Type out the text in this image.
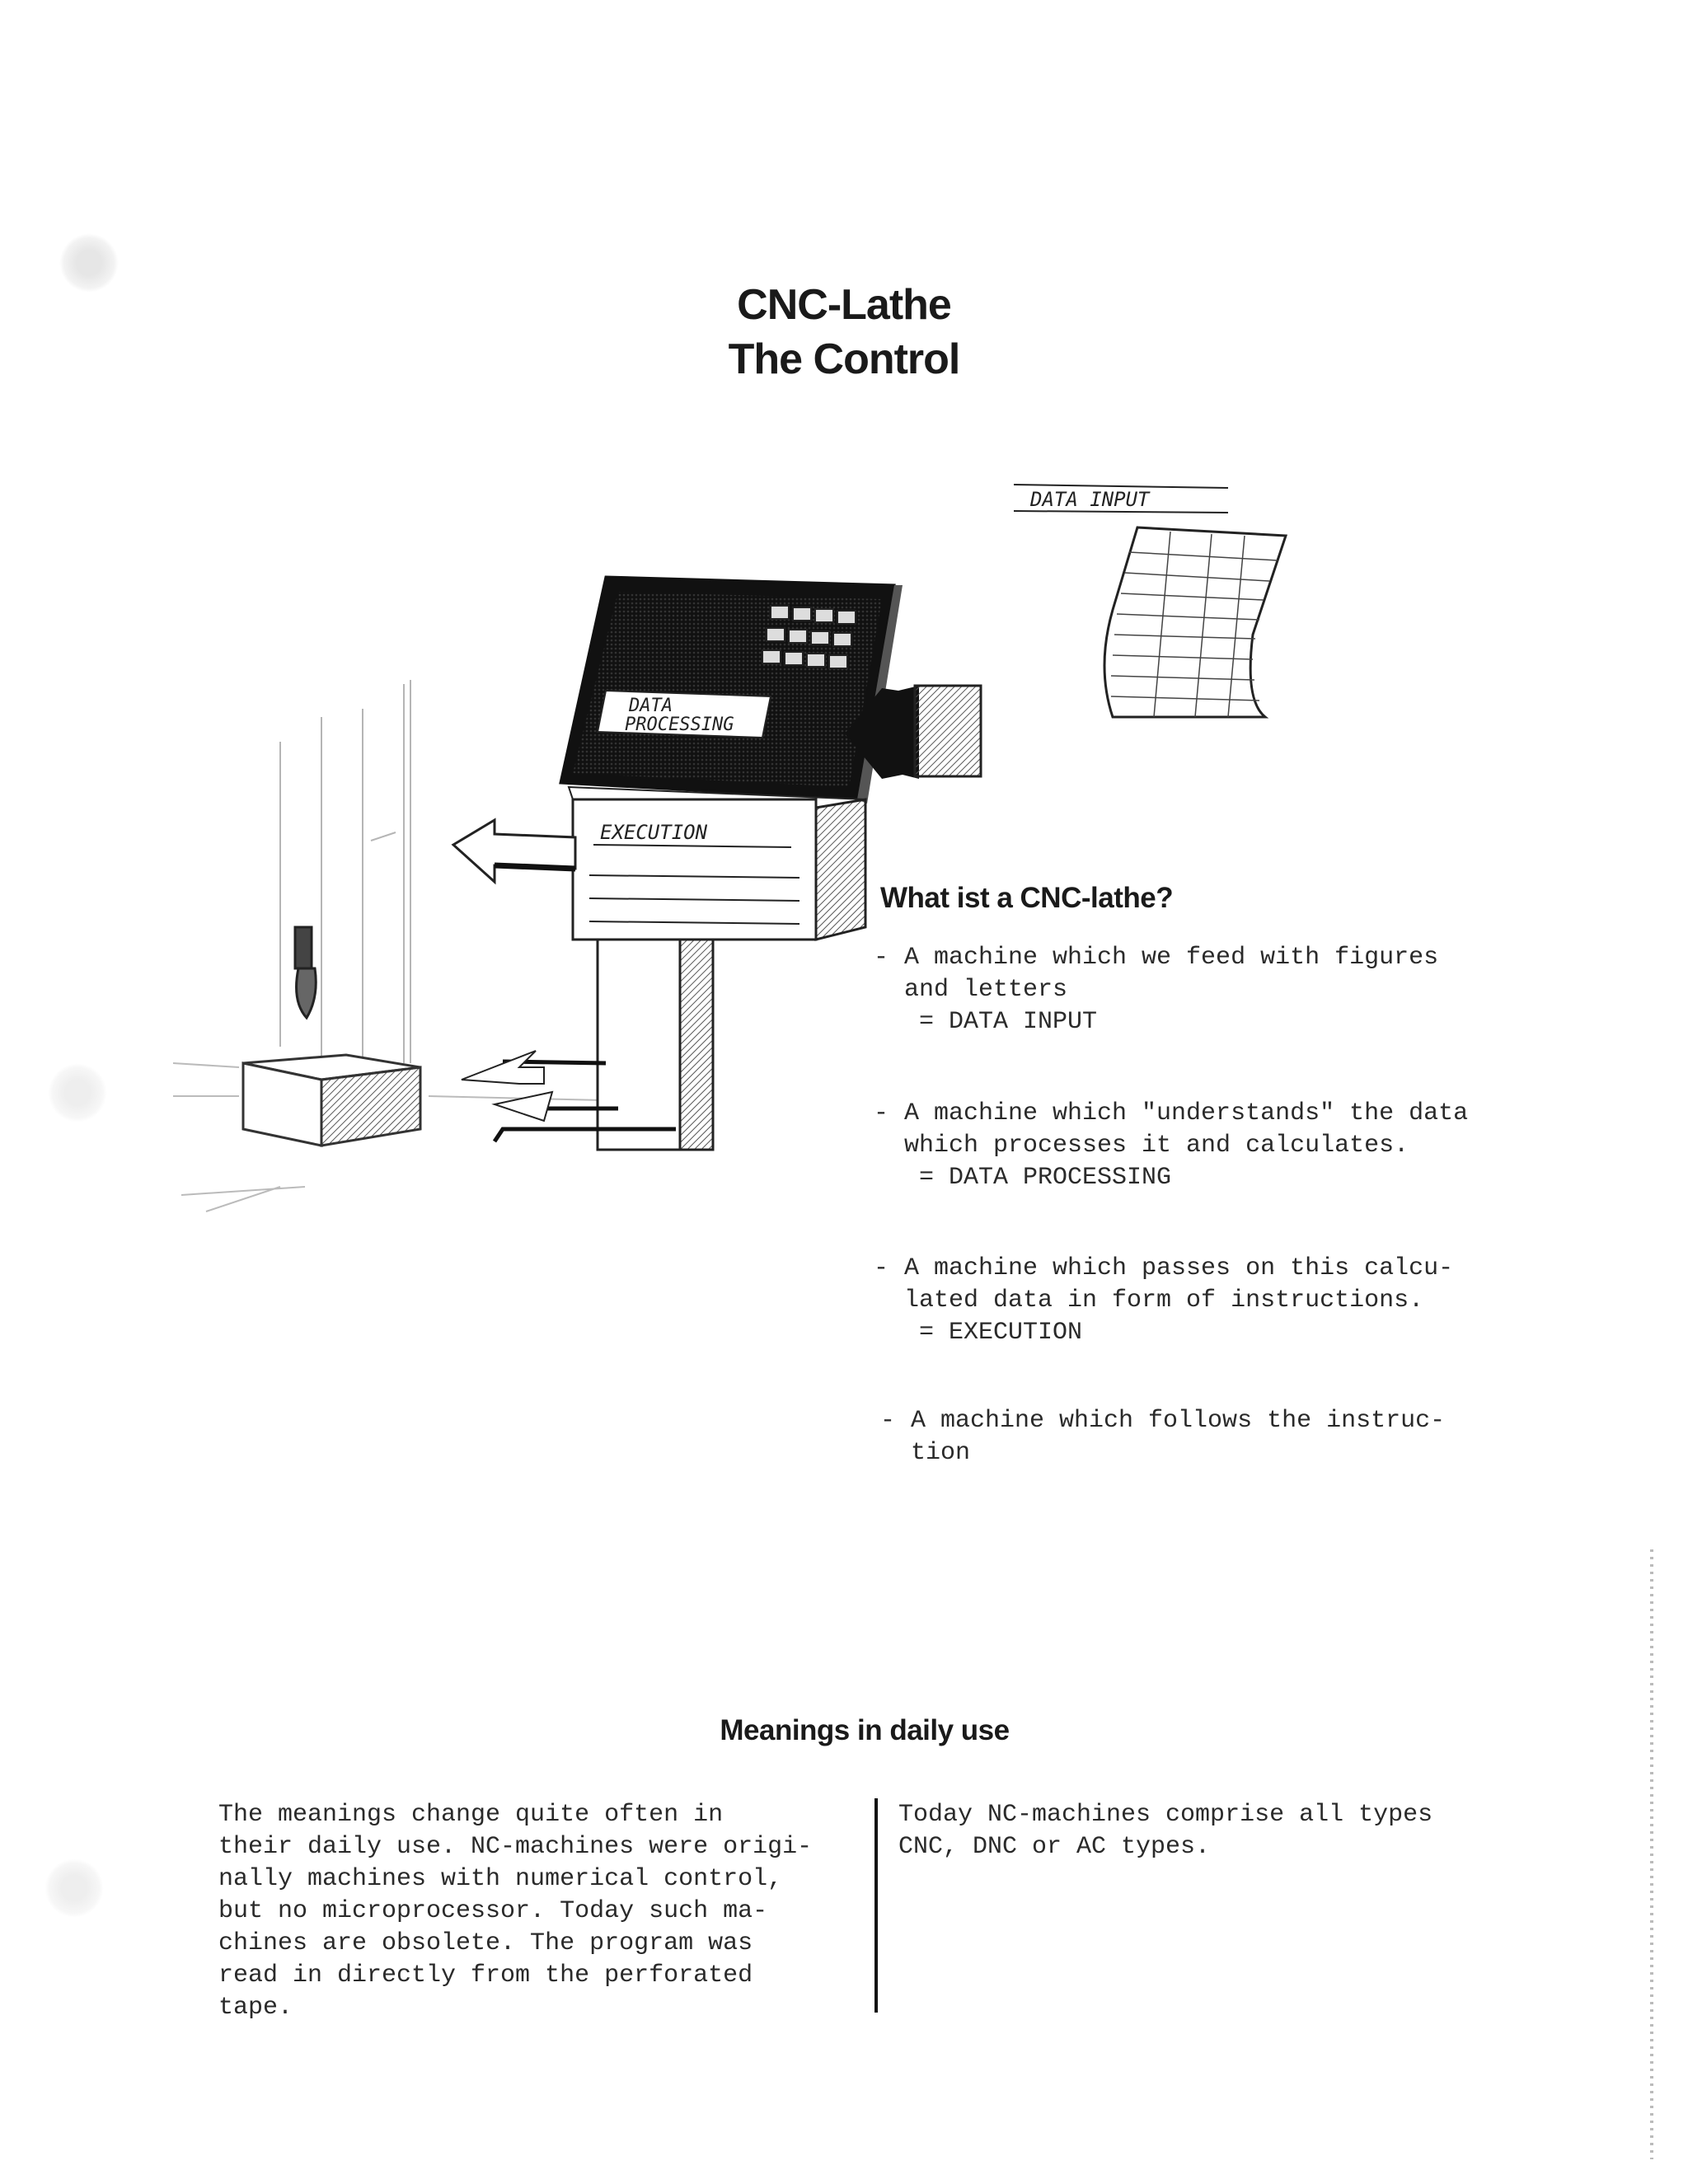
CNC-Lathe
The Control
DATA
PROCESSING
EXECUTION
DATA INPUT
What ist a CNC-lathe?
- A machine which we feed with figures
and letters
= DATA INPUT
- A machine which "understands" the data
which processes it and calculates.
= DATA PROCESSING
- A machine which passes on this calcu-
lated data in form of instructions.
= EXECUTION
- A machine which follows the instruc-
tion
Meanings in daily use
The meanings change quite often in
their daily use. NC-machines were origi-
nally machines with numerical control,
but no microprocessor. Today such ma-
chines are obsolete. The program was
read in directly from the perforated
tape.
Today NC-machines comprise all types
CNC, DNC or AC types.
